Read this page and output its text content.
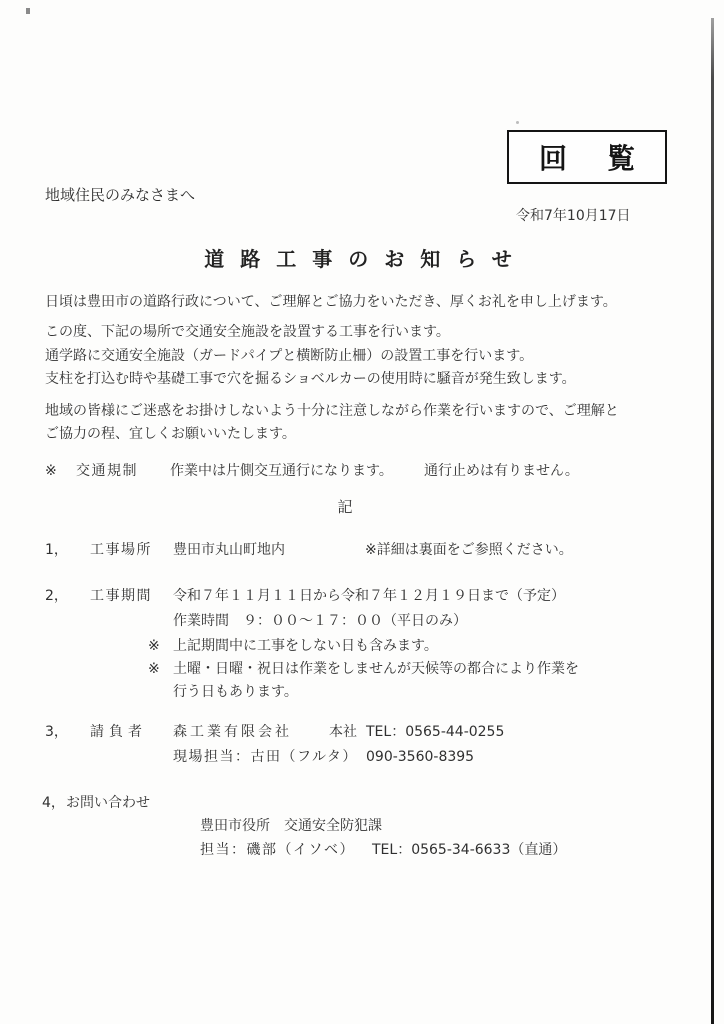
回　覧
地域住民のみなさまへ
令和7年10月17日
道路工事のお知らせ
日頃は豊田市の道路行政について、ご理解とご協力をいただき、厚くお礼を申し上げます。
この度、下記の場所で交通安全施設を設置する工事を行います。
通学路に交通安全施設（ガードパイプと横断防止柵）の設置工事を行います。
支柱を打込む時や基礎工事で穴を掘るショベルカーの使用時に騒音が発生致します。
地域の皆様にご迷惑をお掛けしないよう十分に注意しながら作業を行いますので、ご理解と
ご協力の程、宜しくお願いいたします。
※ 交通規制 作業中は片側交互通行になります。 通行止めは有りません。
記
1， 工事場所 豊田市丸山町地内	※詳細は裏面をご参照ください。
2， 工事期間 令和７年１１月１１日から令和７年１２月１９日まで（予定）
作業時間　９：００～１７：００（平日のみ）
※ 上記期間中に工事をしない日も含みます。
※ 土曜・日曜・祝日は作業をしませんが天候等の都合により作業を
行う日もあります。
3， 請負者 森工業有限会社	本社 TEL：0565-44-0255
現場担当：古田（フルタ） 090-3560-8395
4， お問い合わせ
豊田市役所　交通安全防犯課
担当：磯部（イソベ） TEL：0565-34-6633（直通）
